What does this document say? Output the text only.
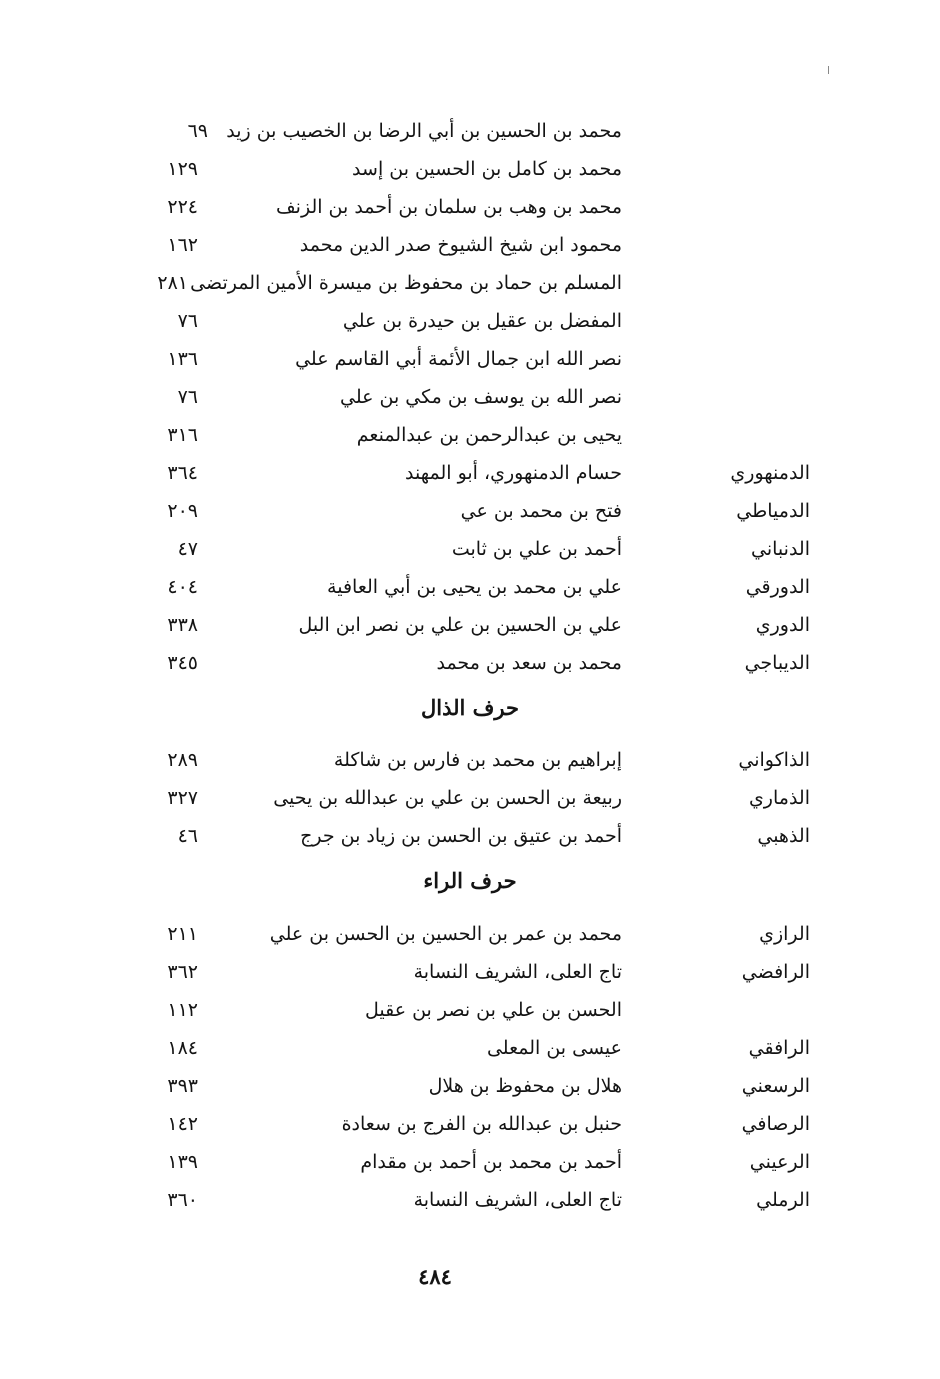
محمد بن الحسين بن أبي الرضا بن الخصيب بن زيد
٦٩
محمد بن كامل بن الحسين بن إسد
١٢٩
محمد بن وهب بن سلمان بن أحمد بن الزنف
٢٢٤
محمود ابن شيخ الشيوخ صدر الدين محمد
١٦٢
المسلم بن حماد بن محفوظ بن ميسرة الأمين المرتضى
٢٨١
المفضل بن عقيل بن حيدرة بن علي
٧٦
نصر الله ابن جمال الأئمة أبي القاسم علي
١٣٦
نصر الله بن يوسف بن مكي بن علي
٧٦
يحيى بن عبدالرحمن بن عبدالمنعم
٣١٦
الدمنهوري
حسام الدمنهوري، أبو المهند
٣٦٤
الدمياطي
فتح بن محمد بن عي
٢٠٩
الدنباني
أحمد بن علي بن ثابت
٤٧
الدورقي
علي بن محمد بن يحيى بن أبي العافية
٤٠٤
الدوري
علي بن الحسين بن علي بن نصر ابن البل
٣٣٨
الديباجي
محمد بن سعد بن محمد
٣٤٥
حرف الذال
الذاكواني
إبراهيم بن محمد بن فارس بن شاكلة
٢٨٩
الذماري
ربيعة بن الحسن بن علي بن عبدالله بن يحيى
٣٢٧
الذهبي
أحمد بن عتيق بن الحسن بن زياد بن جرج
٤٦
حرف الراء
الرازي
محمد بن عمر بن الحسين بن الحسن بن علي
٢١١
الرافضي
تاج العلى، الشريف النسابة
٣٦٢
الحسن بن علي بن نصر بن عقيل
١١٢
الرافقي
عيسى بن المعلى
١٨٤
الرسعني
هلال بن محفوظ بن هلال
٣٩٣
الرصافي
حنبل بن عبدالله بن الفرج بن سعادة
١٤٢
الرعيني
أحمد بن محمد بن أحمد بن مقدام
١٣٩
الرملي
تاج العلى، الشريف النسابة
٣٦٠
٤٨٤
